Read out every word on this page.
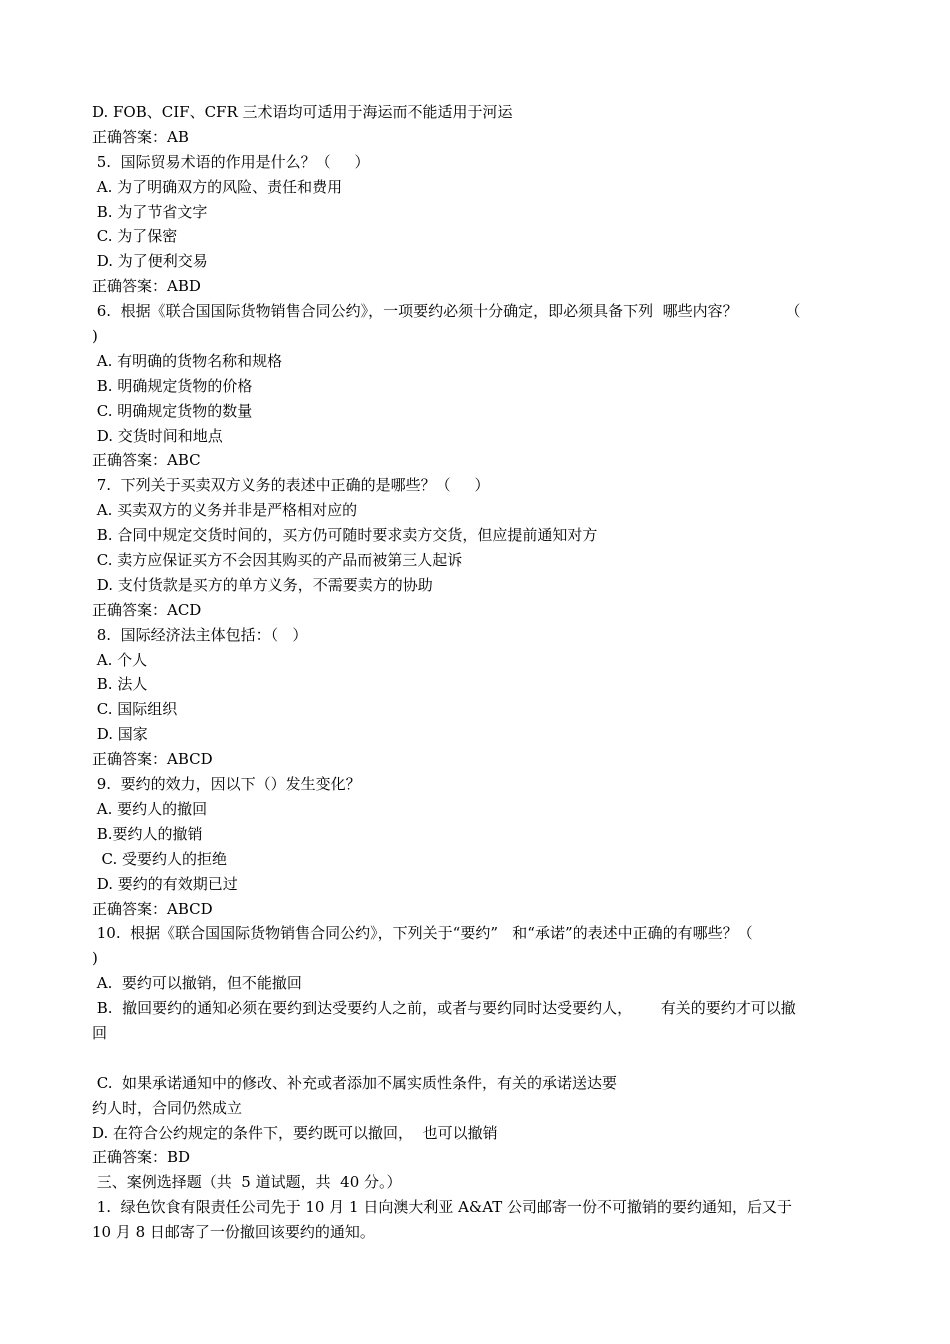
D. FOB、CIF、CFR 三术语均可适用于海运而不能适用于河运
正确答案：AB
5.  国际贸易术语的作用是什么？（     ）
A. 为了明确双方的风险、责任和费用
B. 为了节省文字
C. 为了保密
D. 为了便利交易
正确答案：ABD
6.  根据《联合国国际货物销售合同公约》，一项要约必须十分确定，即必须具备下列  哪些内容？          （
)
A. 有明确的货物名称和规格
B. 明确规定货物的价格
C. 明确规定货物的数量
D. 交货时间和地点
正确答案：ABC
7.  下列关于买卖双方义务的表述中正确的是哪些？（     ）
A. 买卖双方的义务并非是严格相对应的
B. 合同中规定交货时间的，买方仍可随时要求卖方交货，但应提前通知对方
C. 卖方应保证买方不会因其购买的产品而被第三人起诉
D. 支付货款是买方的单方义务，不需要卖方的协助
正确答案：ACD
8.  国际经济法主体包括：（   ）
A. 个人
B. 法人
C. 国际组织
D. 国家
正确答案：ABCD
9.  要约的效力，因以下（）发生变化？
A. 要约人的撤回
B.要约人的撤销
C. 受要约人的拒绝
D. 要约的有效期已过
正确答案：ABCD
10.  根据《联合国国际货物销售合同公约》，下列关于“要约”   和“承诺”的表述中正确的有哪些？（
)
A.  要约可以撤销，但不能撤回
B.  撤回要约的通知必须在要约到达受要约人之前，或者与要约同时达受要约人，      有关的要约才可以撤
回
C.  如果承诺通知中的修改、补充或者添加不属实质性条件，有关的承诺送达要
约人时，合同仍然成立
D. 在符合公约规定的条件下，要约既可以撤回，  也可以撤销
正确答案：BD
三、案例选择题（共  5 道试题，共  40 分。）
1.  绿色饮食有限责任公司先于 10 月 1 日向澳大利亚 A&AT 公司邮寄一份不可撤销的要约通知，后又于
10 月 8 日邮寄了一份撤回该要约的通知。
